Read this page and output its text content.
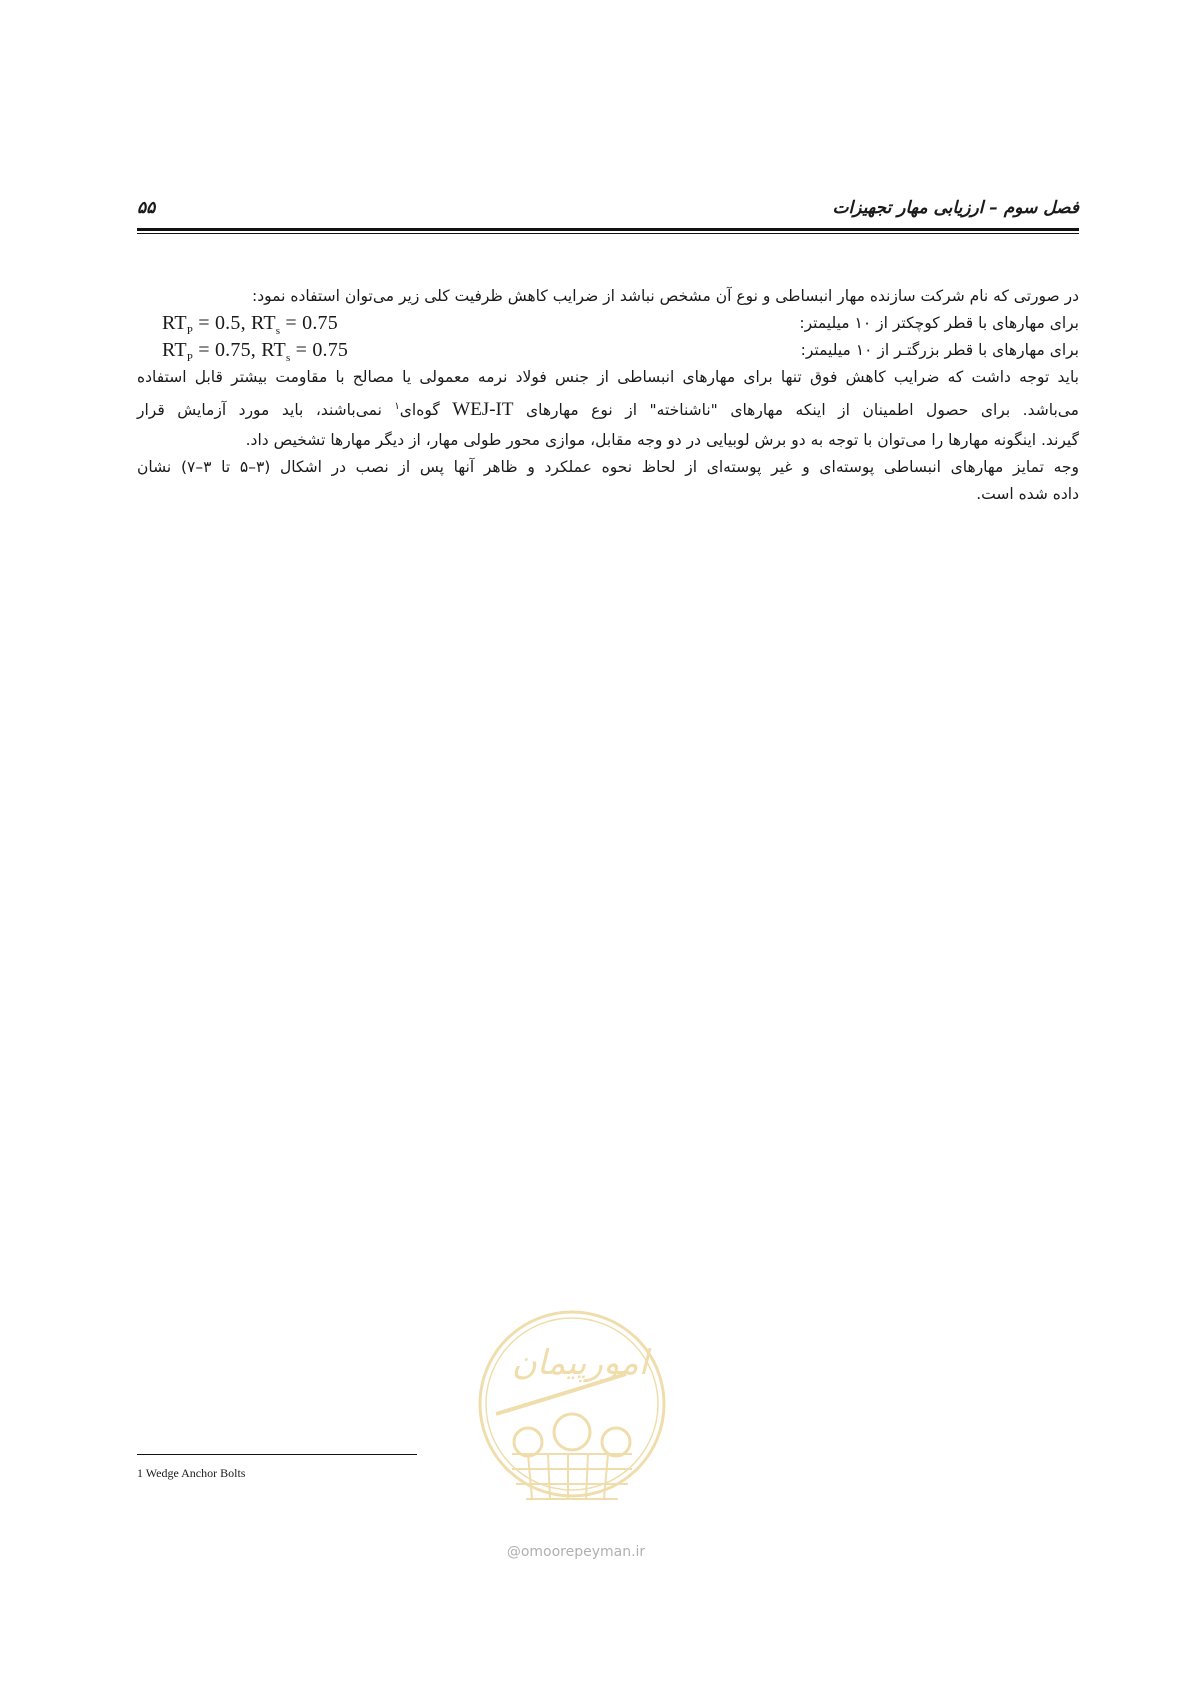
فصل سوم – ارزیابی مهار تجهیزات
۵۵
در صورتی که نام شرکت سازنده مهار انبساطی و نوع آن مشخص نباشد از ضرایب کاهش ظرفیت کلی زیر می‌توان استفاده نمود:
برای مهارهای با قطر کوچکتر از ۱۰ میلیمتر:
$RT_P = 0.5$, $RT_s = 0.75$
برای مهارهای با قطر بزرگتـر از ۱۰ میلیمتر:
$RT_P = 0.75$, $RT_s = 0.75$
باید توجه داشت که ضرایب کاهش فوق تنها برای مهارهای انبساطی از جنس فولاد نرمه معمولی یا مصالح با مقاومت بیشتر قابل استفاده
می‌باشد. برای حصول اطمینان از اینکه مهارهای "ناشناخته" از نوع مهارهای WEJ-IT گوه‌ای$^۱$ نمی‌باشند، باید مورد آزمایش قرار
گیرند. اینگونه مهارها را می‌توان با توجه به دو برش لوبیایی در دو وجه مقابل، موازی محور طولی مهار، از دیگر مهارها تشخیص داد.
وجه تمایز مهارهای انبساطی پوسته‌ای و غیر پوسته‌ای از لحاظ نحوه عملکرد و ظاهر آنها پس از نصب در اشکال (۳–۵ تا ۳–۷) نشان
داده شده است.
1 Wedge Anchor Bolts
امورپیمان
@omoorepeyman.ir
